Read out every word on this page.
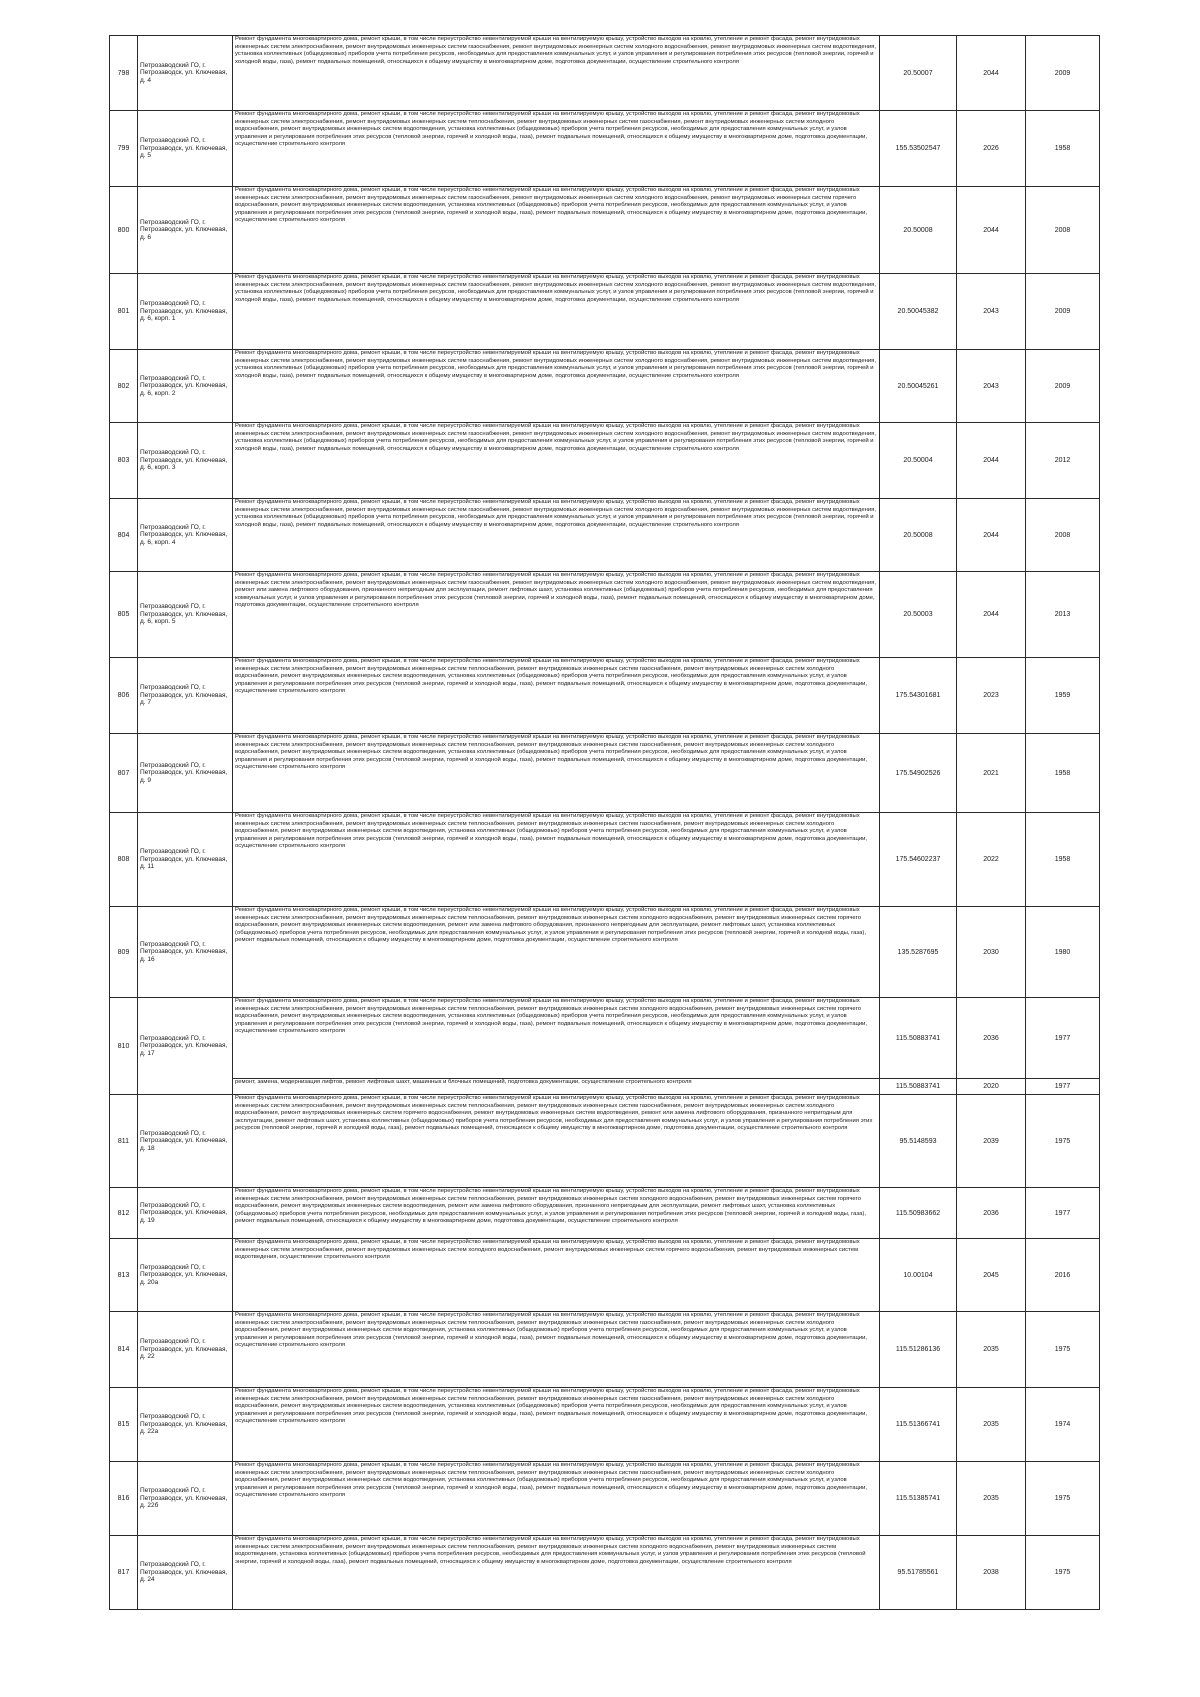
798	Петрозаводский ГО, г. Петрозаводск, ул. Ключевая, д. 4	Ремонт фундамента многоквартирного дома, ремонт крыши, в том числе переустройство невентилируемой крыши на вентилируемую крышу, устройство выходов на кровлю, утепление и ремонт фасада, ремонт внутридомовых инженерных систем электроснабжения, ремонт внутридомовых инженерных систем газоснабжения, ремонт внутридомовых инженерных систем холодного водоснабжения, ремонт внутридомовых инженерных систем водоотведения, установка коллективных (общедомовых) приборов учета потребления ресурсов, необходимых для предоставления коммунальных услуг, и узлов управления и регулирования потребления этих ресурсов (тепловой энергии, горячей и холодной воды, газа), ремонт подвальных помещений, относящихся к общему имуществу в многоквартирном доме, подготовка документации, осуществление строительного контроля	20.50007	2044	2009
799	Петрозаводский ГО, г. Петрозаводск, ул. Ключевая, д. 5	Ремонт фундамента многоквартирного дома, ремонт крыши, в том числе переустройство невентилируемой крыши на вентилируемую крышу, устройство выходов на кровлю, утепление и ремонт фасада, ремонт внутридомовых инженерных систем электроснабжения, ремонт внутридомовых инженерных систем теплоснабжения, ремонт внутридомовых инженерных систем газоснабжения, ремонт внутридомовых инженерных систем холодного водоснабжения, ремонт внутридомовых инженерных систем водоотведения, установка коллективных (общедомовых) приборов учета потребления ресурсов, необходимых для предоставления коммунальных услуг, и узлов управления и регулирования потребления этих ресурсов (тепловой энергии, горячей и холодной воды, газа), ремонт подвальных помещений, относящихся к общему имуществу в многоквартирном доме, подготовка документации, осуществление строительного контроля	155.53502547	2026	1958
800	Петрозаводский ГО, г. Петрозаводск, ул. Ключевая, д. 6	Ремонт фундамента многоквартирного дома, ремонт крыши, в том числе переустройство невентилируемой крыши на вентилируемую крышу, устройство выходов на кровлю, утепление и ремонт фасада, ремонт внутридомовых инженерных систем электроснабжения, ремонт внутридомовых инженерных систем газоснабжения, ремонт внутридомовых инженерных систем холодного водоснабжения, ремонт внутридомовых инженерных систем горячего водоснабжения, ремонт внутридомовых инженерных систем водоотведения, установка коллективных (общедомовых) приборов учета потребления ресурсов, необходимых для предоставления коммунальных услуг, и узлов управления и регулирования потребления этих ресурсов (тепловой энергии, горячей и холодной воды, газа), ремонт подвальных помещений, относящихся к общему имуществу в многоквартирном доме, подготовка документации, осуществление строительного контроля	20.50008	2044	2008
801	Петрозаводский ГО, г. Петрозаводск, ул. Ключевая, д. 6, корп. 1	Ремонт фундамента многоквартирного дома, ремонт крыши, в том числе переустройство невентилируемой крыши на вентилируемую крышу, устройство выходов на кровлю, утепление и ремонт фасада, ремонт внутридомовых инженерных систем электроснабжения, ремонт внутридомовых инженерных систем газоснабжения, ремонт внутридомовых инженерных систем холодного водоснабжения, ремонт внутридомовых инженерных систем водоотведения, установка коллективных (общедомовых) приборов учета потребления ресурсов, необходимых для предоставления коммунальных услуг, и узлов управления и регулирования потребления этих ресурсов (тепловой энергии, горячей и холодной воды, газа), ремонт подвальных помещений, относящихся к общему имуществу в многоквартирном доме, подготовка документации, осуществление строительного контроля	20.50045382	2043	2009
802	Петрозаводский ГО, г. Петрозаводск, ул. Ключевая, д. 6, корп. 2	Ремонт фундамента многоквартирного дома, ремонт крыши, в том числе переустройство невентилируемой крыши на вентилируемую крышу, устройство выходов на кровлю, утепление и ремонт фасада, ремонт внутридомовых инженерных систем электроснабжения, ремонт внутридомовых инженерных систем газоснабжения, ремонт внутридомовых инженерных систем холодного водоснабжения, ремонт внутридомовых инженерных систем водоотведения, установка коллективных (общедомовых) приборов учета потребления ресурсов, необходимых для предоставления коммунальных услуг, и узлов управления и регулирования потребления этих ресурсов (тепловой энергии, горячей и холодной воды, газа), ремонт подвальных помещений, относящихся к общему имуществу в многоквартирном доме, подготовка документации, осуществление строительного контроля	20.50045261	2043	2009
803	Петрозаводский ГО, г. Петрозаводск, ул. Ключевая, д. 6, корп. 3	Ремонт фундамента многоквартирного дома, ремонт крыши, в том числе переустройство невентилируемой крыши на вентилируемую крышу, устройство выходов на кровлю, утепление и ремонт фасада, ремонт внутридомовых инженерных систем электроснабжения, ремонт внутридомовых инженерных систем газоснабжения, ремонт внутридомовых инженерных систем холодного водоснабжения, ремонт внутридомовых инженерных систем водоотведения, установка коллективных (общедомовых) приборов учета потребления ресурсов, необходимых для предоставления коммунальных услуг, и узлов управления и регулирования потребления этих ресурсов (тепловой энергии, горячей и холодной воды, газа), ремонт подвальных помещений, относящихся к общему имуществу в многоквартирном доме, подготовка документации, осуществление строительного контроля	20.50004	2044	2012
804	Петрозаводский ГО, г. Петрозаводск, ул. Ключевая, д. 6, корп. 4	Ремонт фундамента многоквартирного дома, ремонт крыши, в том числе переустройство невентилируемой крыши на вентилируемую крышу, устройство выходов на кровлю, утепление и ремонт фасада, ремонт внутридомовых инженерных систем электроснабжения, ремонт внутридомовых инженерных систем газоснабжения, ремонт внутридомовых инженерных систем холодного водоснабжения, ремонт внутридомовых инженерных систем водоотведения, установка коллективных (общедомовых) приборов учета потребления ресурсов, необходимых для предоставления коммунальных услуг, и узлов управления и регулирования потребления этих ресурсов (тепловой энергии, горячей и холодной воды, газа), ремонт подвальных помещений, относящихся к общему имуществу в многоквартирном доме, подготовка документации, осуществление строительного контроля	20.50008	2044	2008
805	Петрозаводский ГО, г. Петрозаводск, ул. Ключевая, д. 6, корп. 5	Ремонт фундамента многоквартирного дома, ремонт крыши, в том числе переустройство невентилируемой крыши на вентилируемую крышу, устройство выходов на кровлю, утепление и ремонт фасада, ремонт внутридомовых инженерных систем электроснабжения, ремонт внутридомовых инженерных систем газоснабжения, ремонт внутридомовых инженерных систем холодного водоснабжения, ремонт внутридомовых инженерных систем водоотведения, ремонт или замена лифтового оборудования, признанного непригодным для эксплуатации, ремонт лифтовых шахт, установка коллективных (общедомовых) приборов учета потребления ресурсов, необходимых для предоставления коммунальных услуг, и узлов управления и регулирования потребления этих ресурсов (тепловой энергии, горячей и холодной воды, газа), ремонт подвальных помещений, относящихся к общему имуществу в многоквартирном доме, подготовка документации, осуществление строительного контроля	20.50003	2044	2013
806	Петрозаводский ГО, г. Петрозаводск, ул. Ключевая, д. 7	Ремонт фундамента многоквартирного дома, ремонт крыши, в том числе переустройство невентилируемой крыши на вентилируемую крышу, устройство выходов на кровлю, утепление и ремонт фасада, ремонт внутридомовых инженерных систем электроснабжения, ремонт внутридомовых инженерных систем теплоснабжения, ремонт внутридомовых инженерных систем газоснабжения, ремонт внутридомовых инженерных систем холодного водоснабжения, ремонт внутридомовых инженерных систем водоотведения, установка коллективных (общедомовых) приборов учета потребления ресурсов, необходимых для предоставления коммунальных услуг, и узлов управления и регулирования потребления этих ресурсов (тепловой энергии, горячей и холодной воды, газа), ремонт подвальных помещений, относящихся к общему имуществу в многоквартирном доме, подготовка документации, осуществление строительного контроля	175.54301681	2023	1959
807	Петрозаводский ГО, г. Петрозаводск, ул. Ключевая, д. 9	Ремонт фундамента многоквартирного дома, ремонт крыши, в том числе переустройство невентилируемой крыши на вентилируемую крышу, устройство выходов на кровлю, утепление и ремонт фасада, ремонт внутридомовых инженерных систем электроснабжения, ремонт внутридомовых инженерных систем теплоснабжения, ремонт внутридомовых инженерных систем газоснабжения, ремонт внутридомовых инженерных систем холодного водоснабжения, ремонт внутридомовых инженерных систем водоотведения, установка коллективных (общедомовых) приборов учета потребления ресурсов, необходимых для предоставления коммунальных услуг, и узлов управления и регулирования потребления этих ресурсов (тепловой энергии, горячей и холодной воды, газа), ремонт подвальных помещений, относящихся к общему имуществу в многоквартирном доме, подготовка документации, осуществление строительного контроля	175.54902526	2021	1958
808	Петрозаводский ГО, г. Петрозаводск, ул. Ключевая, д. 11	Ремонт фундамента многоквартирного дома, ремонт крыши, в том числе переустройство невентилируемой крыши на вентилируемую крышу, устройство выходов на кровлю, утепление и ремонт фасада, ремонт внутридомовых инженерных систем электроснабжения, ремонт внутридомовых инженерных систем теплоснабжения, ремонт внутридомовых инженерных систем газоснабжения, ремонт внутридомовых инженерных систем холодного водоснабжения, ремонт внутридомовых инженерных систем водоотведения, установка коллективных (общедомовых) приборов учета потребления ресурсов, необходимых для предоставления коммунальных услуг, и узлов управления и регулирования потребления этих ресурсов (тепловой энергии, горячей и холодной воды, газа), ремонт подвальных помещений, относящихся к общему имуществу в многоквартирном доме, подготовка документации, осуществление строительного контроля	175.54602237	2022	1958
809	Петрозаводский ГО, г. Петрозаводск, ул. Ключевая, д. 16	Ремонт фундамента многоквартирного дома, ремонт крыши, в том числе переустройство невентилируемой крыши на вентилируемую крышу, устройство выходов на кровлю, утепление и ремонт фасада, ремонт внутридомовых инженерных систем электроснабжения, ремонт внутридомовых инженерных систем теплоснабжения, ремонт внутридомовых инженерных систем холодного водоснабжения, ремонт внутридомовых инженерных систем горячего водоснабжения, ремонт внутридомовых инженерных систем водоотведения, ремонт или замена лифтового оборудования, признанного непригодным для эксплуатации, ремонт лифтовых шахт, установка коллективных (общедомовых) приборов учета потребления ресурсов, необходимых для предоставления коммунальных услуг, и узлов управления и регулирования потребления этих ресурсов (тепловой энергии, горячей и холодной воды, газа), ремонт подвальных помещений, относящихся к общему имуществу в многоквартирном доме, подготовка документации, осуществление строительного контроля	135.5287695	2030	1980
810	Петрозаводский ГО, г. Петрозаводск, ул. Ключевая, д. 17	Ремонт фундамента многоквартирного дома, ремонт крыши, в том числе переустройство невентилируемой крыши на вентилируемую крышу, устройство выходов на кровлю, утепление и ремонт фасада, ремонт внутридомовых инженерных систем электроснабжения, ремонт внутридомовых инженерных систем теплоснабжения, ремонт внутридомовых инженерных систем холодного водоснабжения, ремонт внутридомовых инженерных систем горячего водоснабжения, ремонт внутридомовых инженерных систем водоотведения, установка коллективных (общедомовых) приборов учета потребления ресурсов, необходимых для предоставления коммунальных услуг, и узлов управления и регулирования потребления этих ресурсов (тепловой энергии, горячей и холодной воды, газа), ремонт подвальных помещений, относящихся к общему имуществу в многоквартирном доме, подготовка документации, осуществление строительного контроля	115.50883741	2036	1977
		ремонт, замена, модернизация лифтов, ремонт лифтовых шахт, машинных и блочных помещений, подготовка документации, осуществление строительного контроля	115.50883741	2020	1977
811	Петрозаводский ГО, г. Петрозаводск, ул. Ключевая, д. 18	Ремонт фундамента многоквартирного дома, ремонт крыши, в том числе переустройство невентилируемой крыши на вентилируемую крышу, устройство выходов на кровлю, утепление и ремонт фасада, ремонт внутридомовых инженерных систем электроснабжения, ремонт внутридомовых инженерных систем теплоснабжения, ремонт внутридомовых инженерных систем газоснабжения, ремонт внутридомовых инженерных систем холодного водоснабжения, ремонт внутридомовых инженерных систем горячего водоснабжения, ремонт внутридомовых инженерных систем водоотведения, ремонт или замена лифтового оборудования, признанного непригодным для эксплуатации, ремонт лифтовых шахт, установка коллективных (общедомовых) приборов учета потребления ресурсов, необходимых для предоставления коммунальных услуг, и узлов управления и регулирования потребления этих ресурсов (тепловой энергии, горячей и холодной воды, газа), ремонт подвальных помещений, относящихся к общему имуществу в многоквартирном доме, подготовка документации, осуществление строительного контроля	95.5148593	2039	1975
812	Петрозаводский ГО, г. Петрозаводск, ул. Ключевая, д. 19	Ремонт фундамента многоквартирного дома, ремонт крыши, в том числе переустройство невентилируемой крыши на вентилируемую крышу, устройство выходов на кровлю, утепление и ремонт фасада, ремонт внутридомовых инженерных систем электроснабжения, ремонт внутридомовых инженерных систем теплоснабжения, ремонт внутридомовых инженерных систем холодного водоснабжения, ремонт внутридомовых инженерных систем горячего водоснабжения, ремонт внутридомовых инженерных систем водоотведения, ремонт или замена лифтового оборудования, признанного непригодным для эксплуатации, ремонт лифтовых шахт, установка коллективных (общедомовых) приборов учета потребления ресурсов, необходимых для предоставления коммунальных услуг, и узлов управления и регулирования потребления этих ресурсов (тепловой энергии, горячей и холодной воды, газа), ремонт подвальных помещений, относящихся к общему имуществу в многоквартирном доме, подготовка документации, осуществление строительного контроля	115.50983662	2036	1977
813	Петрозаводский ГО, г. Петрозаводск, ул. Ключевая, д. 20а	Ремонт фундамента многоквартирного дома, ремонт крыши, в том числе переустройство невентилируемой крыши на вентилируемую крышу, устройство выходов на кровлю, утепление и ремонт фасада, ремонт внутридомовых инженерных систем электроснабжения, ремонт внутридомовых инженерных систем холодного водоснабжения, ремонт внутридомовых инженерных систем горячего водоснабжения, ремонт внутридомовых инженерных систем водоотведения, осуществление строительного контроля	10.00104	2045	2016
814	Петрозаводский ГО, г. Петрозаводск, ул. Ключевая, д. 22	Ремонт фундамента многоквартирного дома, ремонт крыши, в том числе переустройство невентилируемой крыши на вентилируемую крышу, устройство выходов на кровлю, утепление и ремонт фасада, ремонт внутридомовых инженерных систем электроснабжения, ремонт внутридомовых инженерных систем теплоснабжения, ремонт внутридомовых инженерных систем газоснабжения, ремонт внутридомовых инженерных систем холодного водоснабжения, ремонт внутридомовых инженерных систем водоотведения, установка коллективных (общедомовых) приборов учета потребления ресурсов, необходимых для предоставления коммунальных услуг, и узлов управления и регулирования потребления этих ресурсов (тепловой энергии, горячей и холодной воды, газа), ремонт подвальных помещений, относящихся к общему имуществу в многоквартирном доме, подготовка документации, осуществление строительного контроля	115.51286136	2035	1975
815	Петрозаводский ГО, г. Петрозаводск, ул. Ключевая, д. 22а	Ремонт фундамента многоквартирного дома, ремонт крыши, в том числе переустройство невентилируемой крыши на вентилируемую крышу, устройство выходов на кровлю, утепление и ремонт фасада, ремонт внутридомовых инженерных систем электроснабжения, ремонт внутридомовых инженерных систем теплоснабжения, ремонт внутридомовых инженерных систем газоснабжения, ремонт внутридомовых инженерных систем холодного водоснабжения, ремонт внутридомовых инженерных систем водоотведения, установка коллективных (общедомовых) приборов учета потребления ресурсов, необходимых для предоставления коммунальных услуг, и узлов управления и регулирования потребления этих ресурсов (тепловой энергии, горячей и холодной воды, газа), ремонт подвальных помещений, относящихся к общему имуществу в многоквартирном доме, подготовка документации, осуществление строительного контроля	115.51366741	2035	1974
816	Петрозаводский ГО, г. Петрозаводск, ул. Ключевая, д. 22б	Ремонт фундамента многоквартирного дома, ремонт крыши, в том числе переустройство невентилируемой крыши на вентилируемую крышу, устройство выходов на кровлю, утепление и ремонт фасада, ремонт внутридомовых инженерных систем электроснабжения, ремонт внутридомовых инженерных систем теплоснабжения, ремонт внутридомовых инженерных систем газоснабжения, ремонт внутридомовых инженерных систем холодного водоснабжения, ремонт внутридомовых инженерных систем водоотведения, установка коллективных (общедомовых) приборов учета потребления ресурсов, необходимых для предоставления коммунальных услуг, и узлов управления и регулирования потребления этих ресурсов (тепловой энергии, горячей и холодной воды, газа), ремонт подвальных помещений, относящихся к общему имуществу в многоквартирном доме, подготовка документации, осуществление строительного контроля	115.51385741	2035	1975
817	Петрозаводский ГО, г. Петрозаводск, ул. Ключевая, д. 24	Ремонт фундамента многоквартирного дома, ремонт крыши, в том числе переустройство невентилируемой крыши на вентилируемую крышу, устройство выходов на кровлю, утепление и ремонт фасада, ремонт внутридомовых инженерных систем электроснабжения, ремонт внутридомовых инженерных систем теплоснабжения, ремонт внутридомовых инженерных систем холодного водоснабжения, ремонт внутридомовых инженерных систем водоотведения, установка коллективных (общедомовых) приборов учета потребления ресурсов, необходимых для предоставления коммунальных услуг, и узлов управления и регулирования потребления этих ресурсов (тепловой энергии, горячей и холодной воды, газа), ремонт подвальных помещений, относящихся к общему имуществу в многоквартирном доме, подготовка документации, осуществление строительного контроля	95.51785561	2038	1975
